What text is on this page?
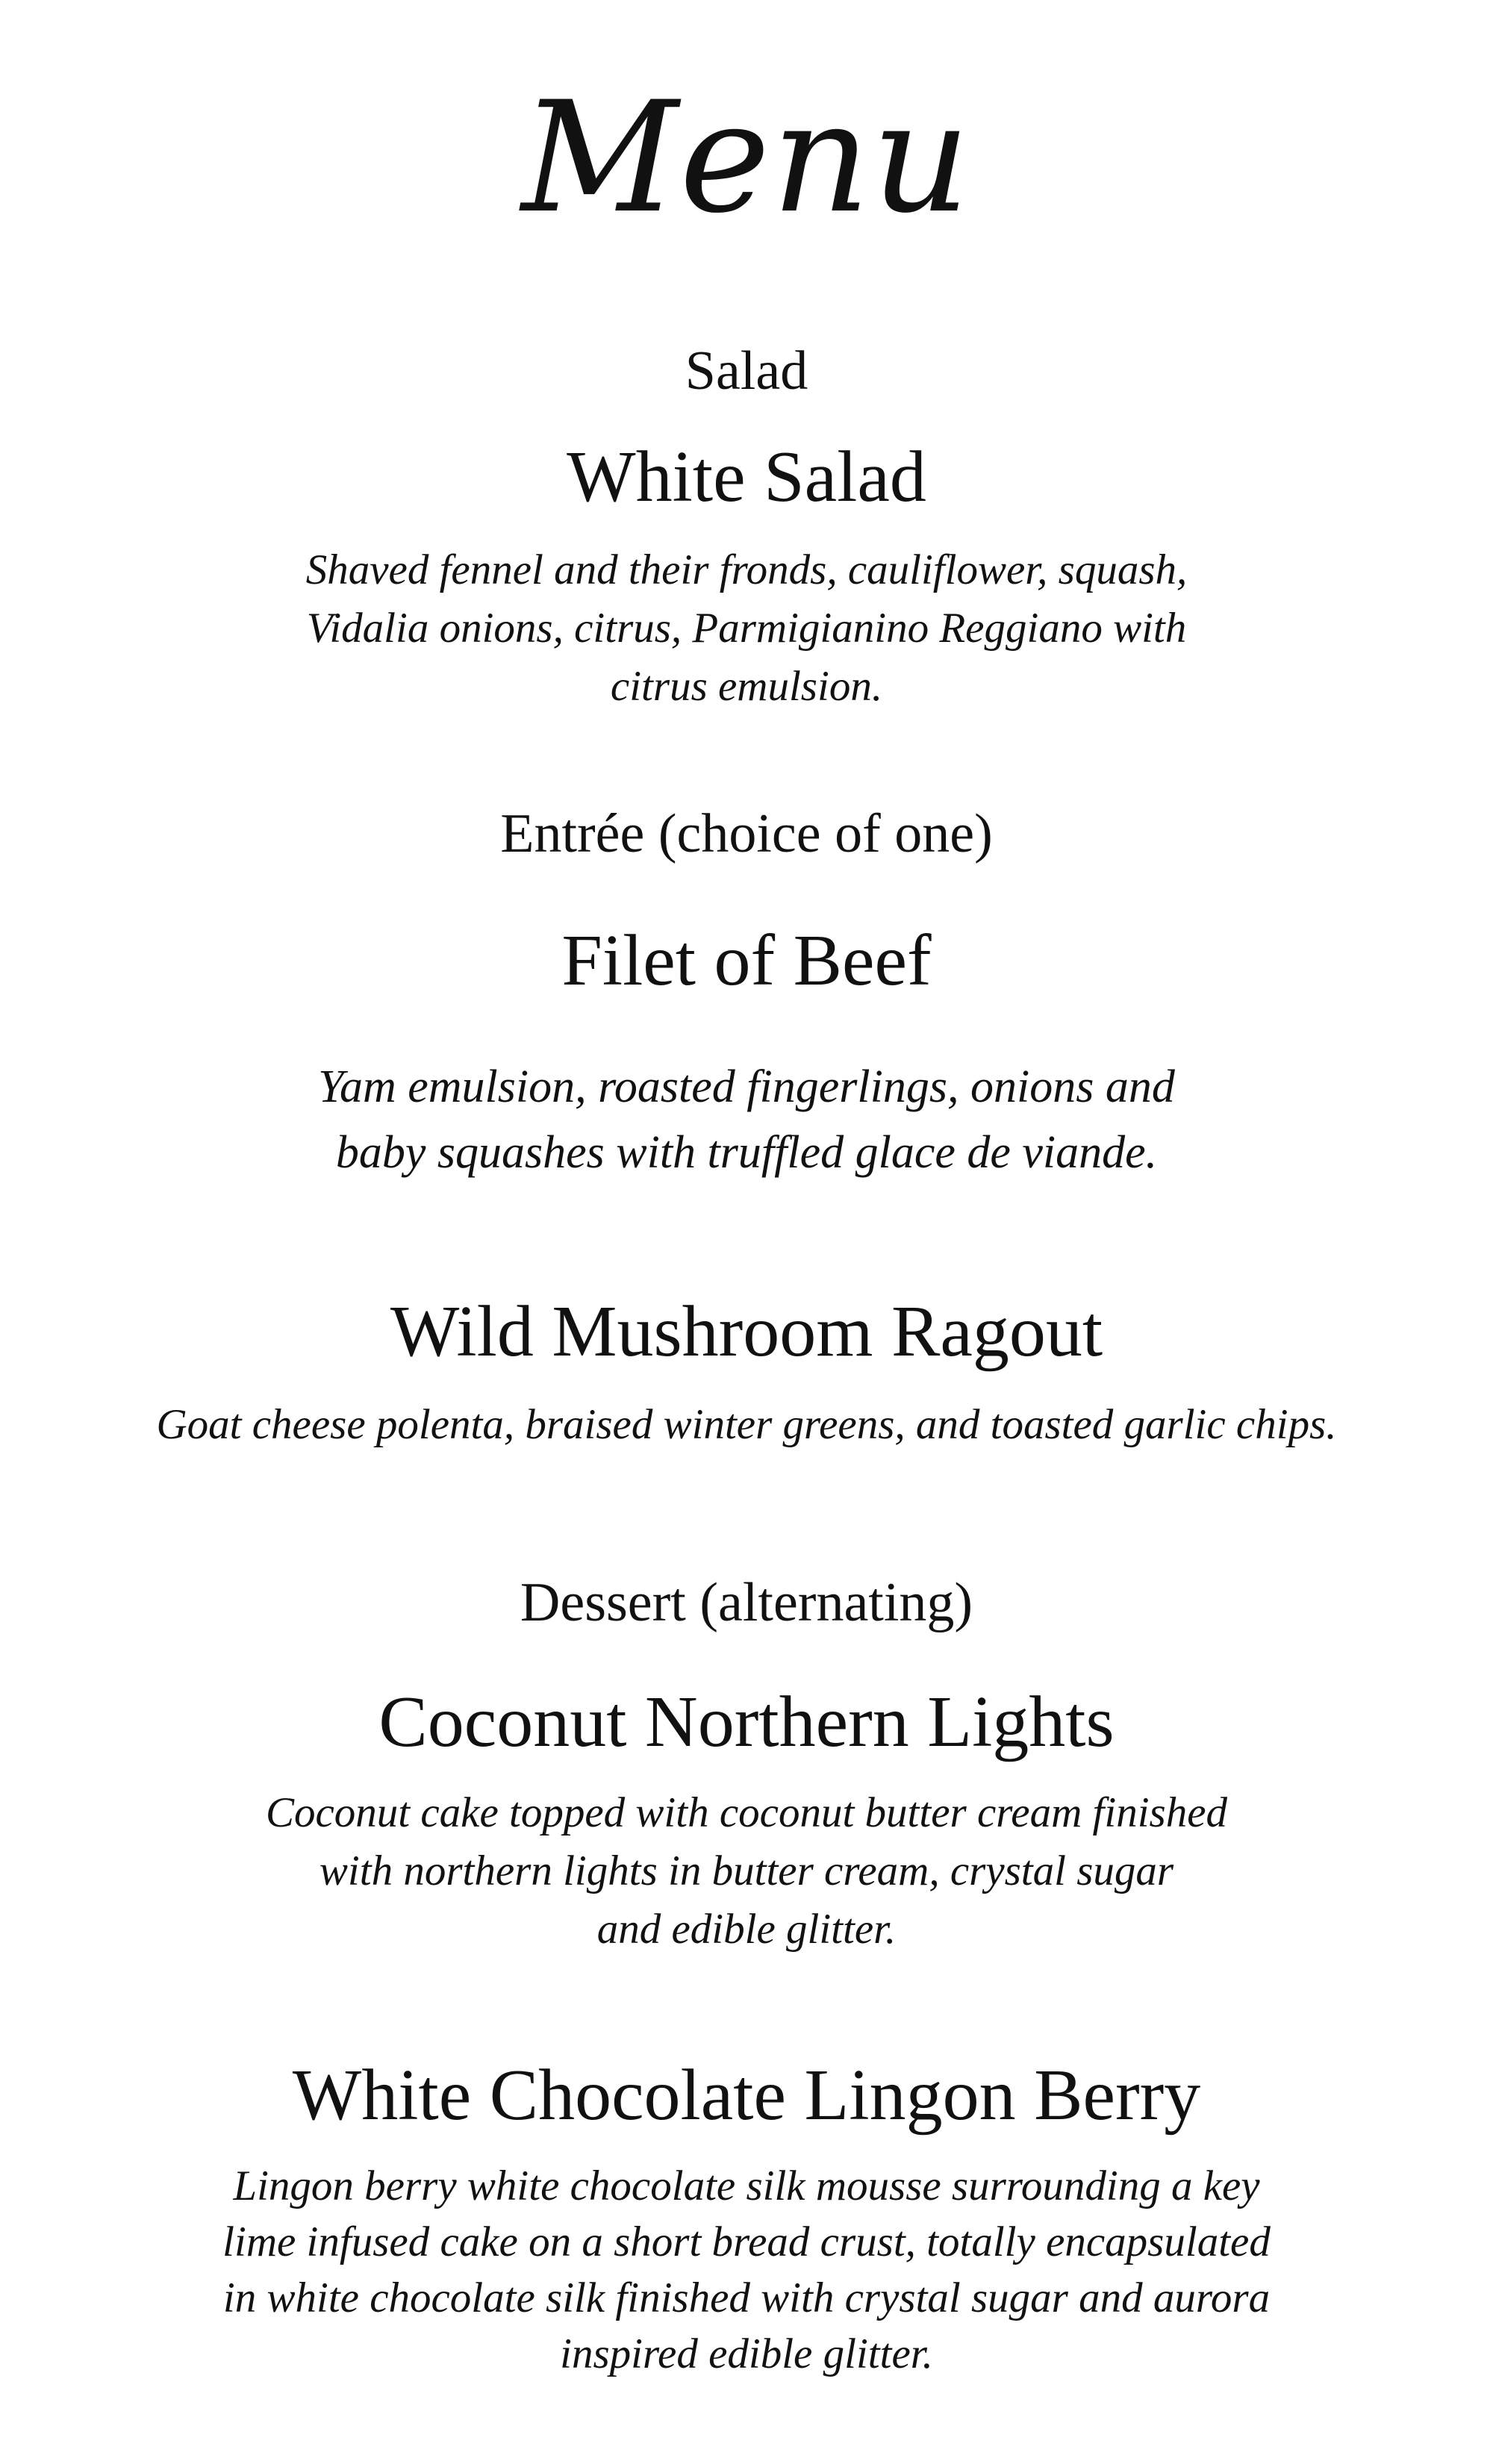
Menu
Salad
White Salad
Shaved fennel and their fronds, cauliflower, squash,
Vidalia onions, citrus, Parmigianino Reggiano with
citrus emulsion.
Entrée (choice of one)
Filet of Beef
Yam emulsion, roasted fingerlings, onions and
baby squashes with truffled glace de viande.
Wild Mushroom Ragout
Goat cheese polenta, braised winter greens, and toasted garlic chips.
Dessert (alternating)
Coconut Northern Lights
Coconut cake topped with coconut butter cream finished
with northern lights in butter cream, crystal sugar
and edible glitter.
White Chocolate Lingon Berry
Lingon berry white chocolate silk mousse surrounding a key
lime infused cake on a short bread crust, totally encapsulated
in white chocolate silk finished with crystal sugar and aurora
inspired edible glitter.
